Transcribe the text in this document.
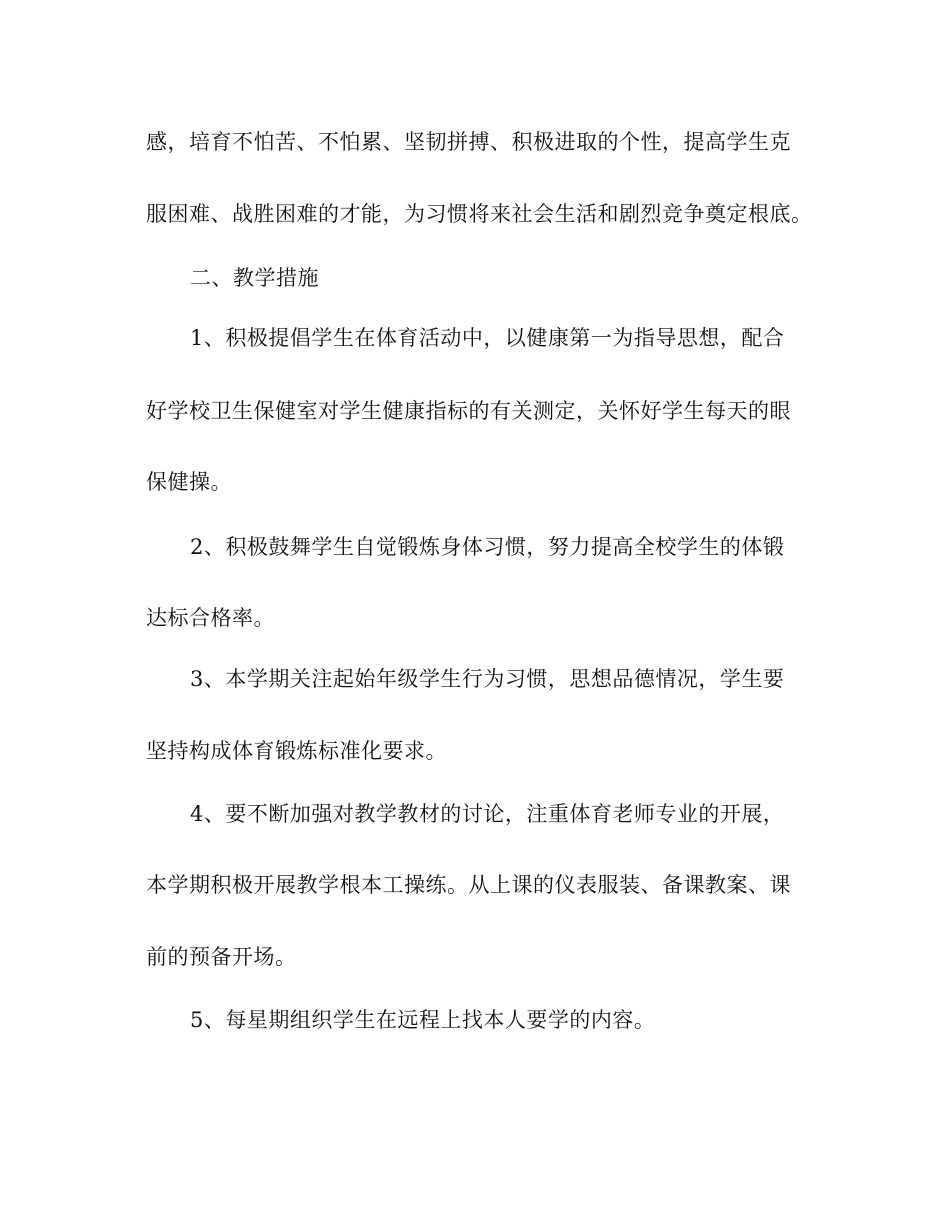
感，培育不怕苦、不怕累、坚韧拼搏、积极进取的个性，提高学生克
服困难、战胜困难的才能，为习惯将来社会生活和剧烈竞争奠定根底。
二、教学措施
1、积极提倡学生在体育活动中，以健康第一为指导思想，配合
好学校卫生保健室对学生健康指标的有关测定，关怀好学生每天的眼
保健操。
2、积极鼓舞学生自觉锻炼身体习惯，努力提高全校学生的体锻
达标合格率。
3、本学期关注起始年级学生行为习惯，思想品德情况，学生要
坚持构成体育锻炼标准化要求。
4、要不断加强对教学教材的讨论，注重体育老师专业的开展，
本学期积极开展教学根本工操练。从上课的仪表服装、备课教案、课
前的预备开场。
5、每星期组织学生在远程上找本人要学的内容。
